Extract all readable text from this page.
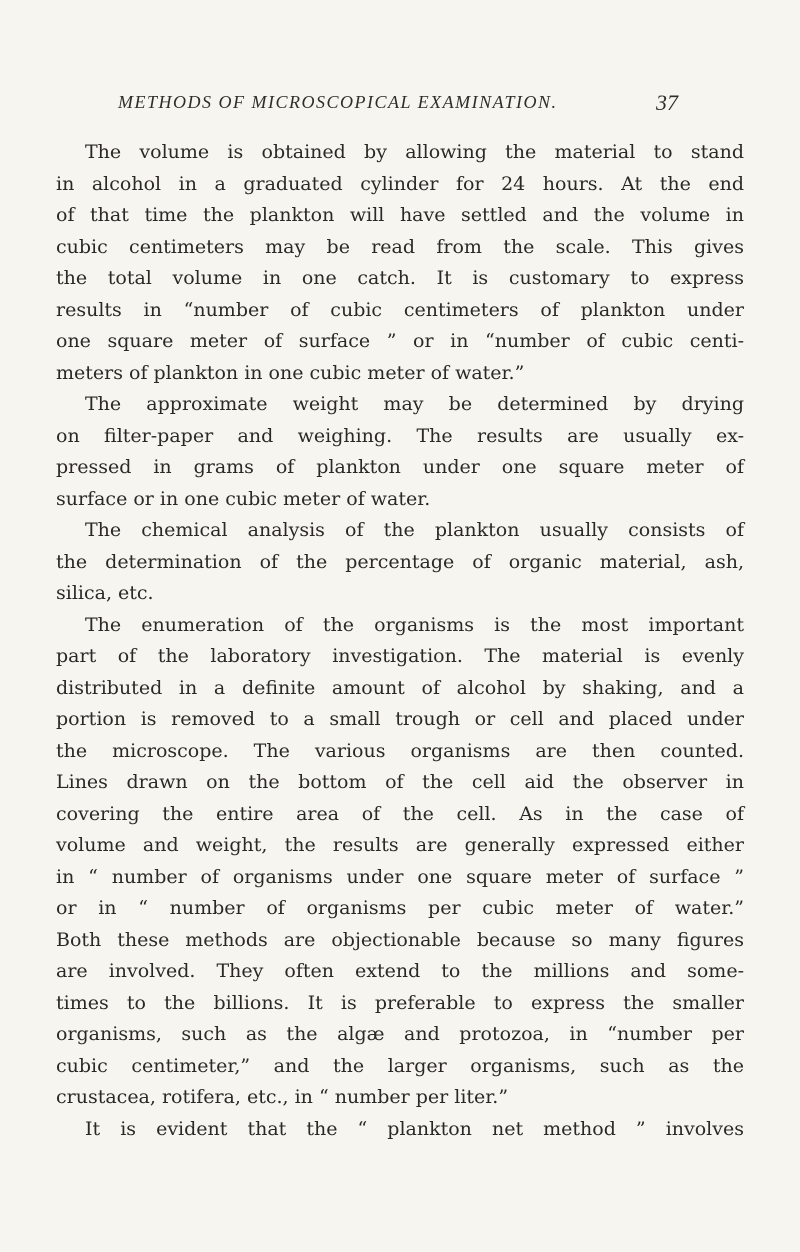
METHODS OF MICROSCOPICAL EXAMINATION.	37
The volume is obtained by allowing the material to stand
in alcohol in a graduated cylinder for 24 hours. At the end
of that time the plankton will have settled and the volume in
cubic centimeters may be read from the scale. This gives
the total volume in one catch. It is customary to express
results in “number of cubic centimeters of plankton under
one square meter of surface ” or in “number of cubic centi-
meters of plankton in one cubic meter of water.”
The approximate weight may be determined by drying
on filter-paper and weighing. The results are usually ex-
pressed in grams of plankton under one square meter of
surface or in one cubic meter of water.
The chemical analysis of the plankton usually consists of
the determination of the percentage of organic material, ash,
silica, etc.
The enumeration of the organisms is the most important
part of the laboratory investigation. The material is evenly
distributed in a definite amount of alcohol by shaking, and a
portion is removed to a small trough or cell and placed under
the microscope. The various organisms are then counted.
Lines drawn on the bottom of the cell aid the observer in
covering the entire area of the cell. As in the case of
volume and weight, the results are generally expressed either
in “ number of organisms under one square meter of surface ”
or in “ number of organisms per cubic meter of water.”
Both these methods are objectionable because so many figures
are involved. They often extend to the millions and some-
times to the billions. It is preferable to express the smaller
organisms, such as the algæ and protozoa, in “number per
cubic centimeter,” and the larger organisms, such as the
crustacea, rotifera, etc., in “ number per liter.”
It is evident that the “ plankton net method ” involves
